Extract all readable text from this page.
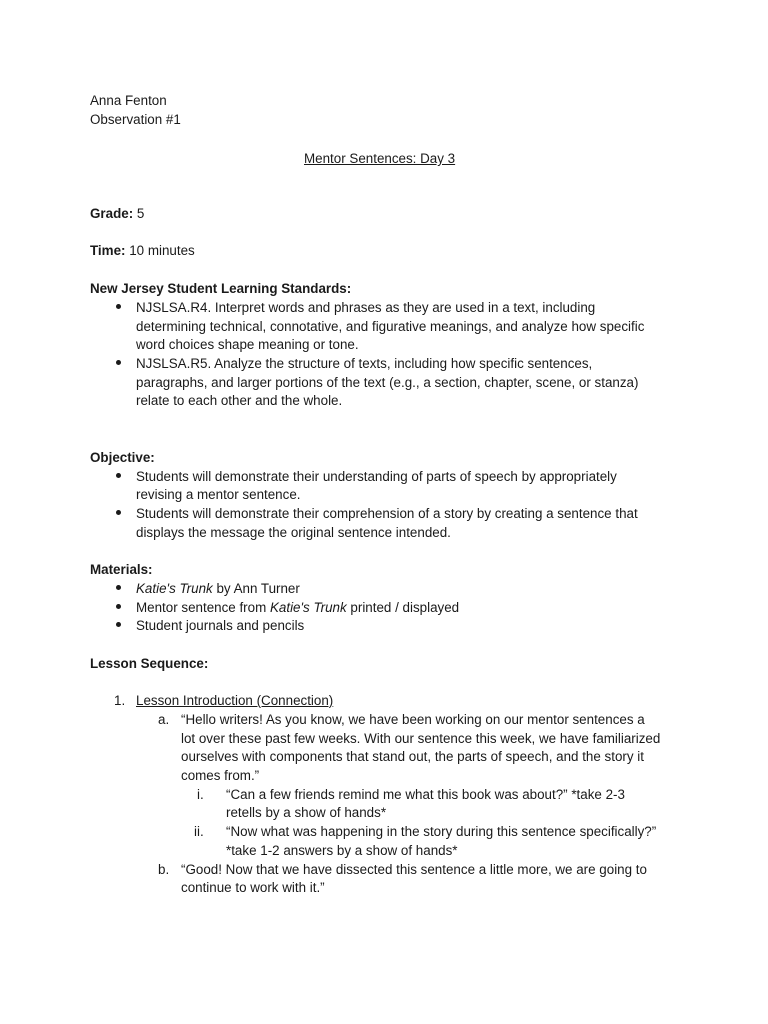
Anna Fenton
Observation #1
Mentor Sentences: Day 3
Grade: 5
Time: 10 minutes
New Jersey Student Learning Standards:
NJSLSA.R4. Interpret words and phrases as they are used in a text, including
determining technical, connotative, and figurative meanings, and analyze how specific
word choices shape meaning or tone.
NJSLSA.R5. Analyze the structure of texts, including how specific sentences,
paragraphs, and larger portions of the text (e.g., a section, chapter, scene, or stanza)
relate to each other and the whole.
Objective:
Students will demonstrate their understanding of parts of speech by appropriately
revising a mentor sentence.
Students will demonstrate their comprehension of a story by creating a sentence that
displays the message the original sentence intended.
Materials:
Katie's Trunk by Ann Turner
Mentor sentence from Katie's Trunk printed / displayed
Student journals and pencils
Lesson Sequence:
1. Lesson Introduction (Connection)
a. “Hello writers! As you know, we have been working on our mentor sentences a
lot over these past few weeks. With our sentence this week, we have familiarized
ourselves with components that stand out, the parts of speech, and the story it
comes from.”
i. “Can a few friends remind me what this book was about?” *take 2-3
retells by a show of hands*
ii. “Now what was happening in the story during this sentence specifically?”
*take 1-2 answers by a show of hands*
b. “Good! Now that we have dissected this sentence a little more, we are going to
continue to work with it.”
